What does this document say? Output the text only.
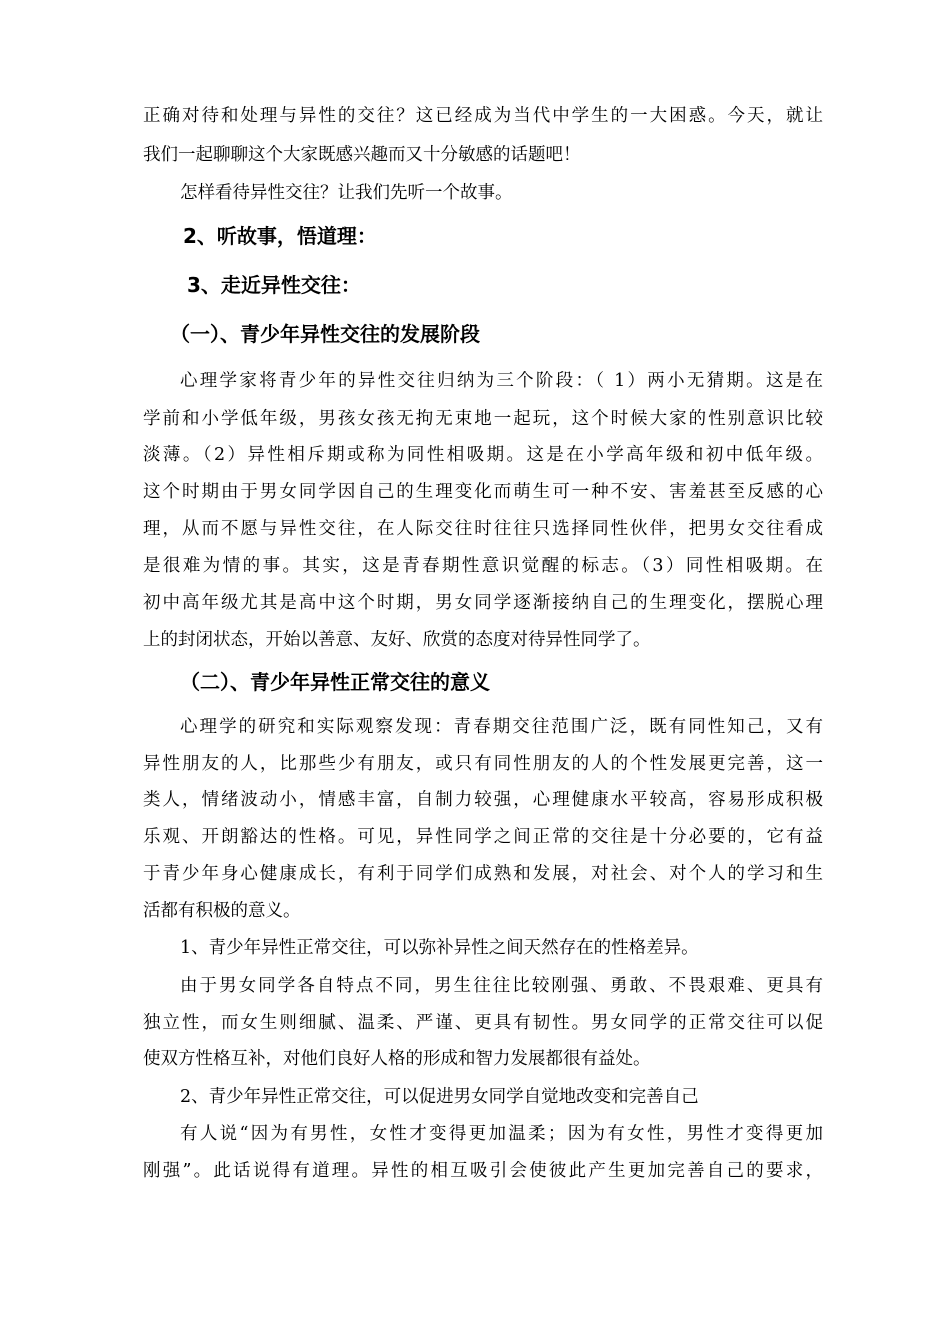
正确对待和处理与异性的交往？这已经成为当代中学生的一大困惑。今天，就让
我们一起聊聊这个大家既感兴趣而又十分敏感的话题吧！
怎样看待异性交往？让我们先听一个故事。
2、听故事，悟道理：
3、走近异性交往：
（一）、青少年异性交往的发展阶段
心理学家将青少年的异性交往归纳为三个阶段：（ 1）两小无猜期。这是在
学前和小学低年级，男孩女孩无拘无束地一起玩，这个时候大家的性别意识比较
淡薄。（2）异性相斥期或称为同性相吸期。这是在小学高年级和初中低年级。
这个时期由于男女同学因自己的生理变化而萌生可一种不安、害羞甚至反感的心
理，从而不愿与异性交往，在人际交往时往往只选择同性伙伴，把男女交往看成
是很难为情的事。其实，这是青春期性意识觉醒的标志。（3）同性相吸期。在
初中高年级尤其是高中这个时期，男女同学逐渐接纳自己的生理变化，摆脱心理
上的封闭状态，开始以善意、友好、欣赏的态度对待异性同学了。
（二）、青少年异性正常交往的意义
心理学的研究和实际观察发现：青春期交往范围广泛，既有同性知己，又有
异性朋友的人，比那些少有朋友，或只有同性朋友的人的个性发展更完善，这一
类人，情绪波动小，情感丰富，自制力较强，心理健康水平较高，容易形成积极
乐观、开朗豁达的性格。可见，异性同学之间正常的交往是十分必要的，它有益
于青少年身心健康成长，有利于同学们成熟和发展，对社会、对个人的学习和生
活都有积极的意义。
1、青少年异性正常交往，可以弥补异性之间天然存在的性格差异。
由于男女同学各自特点不同，男生往往比较刚强、勇敢、不畏艰难、更具有
独立性，而女生则细腻、温柔、严谨、更具有韧性。男女同学的正常交往可以促
使双方性格互补，对他们良好人格的形成和智力发展都很有益处。
2、青少年异性正常交往，可以促进男女同学自觉地改变和完善自己
有人说“因为有男性，女性才变得更加温柔；因为有女性，男性才变得更加
刚强”。此话说得有道理。异性的相互吸引会使彼此产生更加完善自己的要求，
